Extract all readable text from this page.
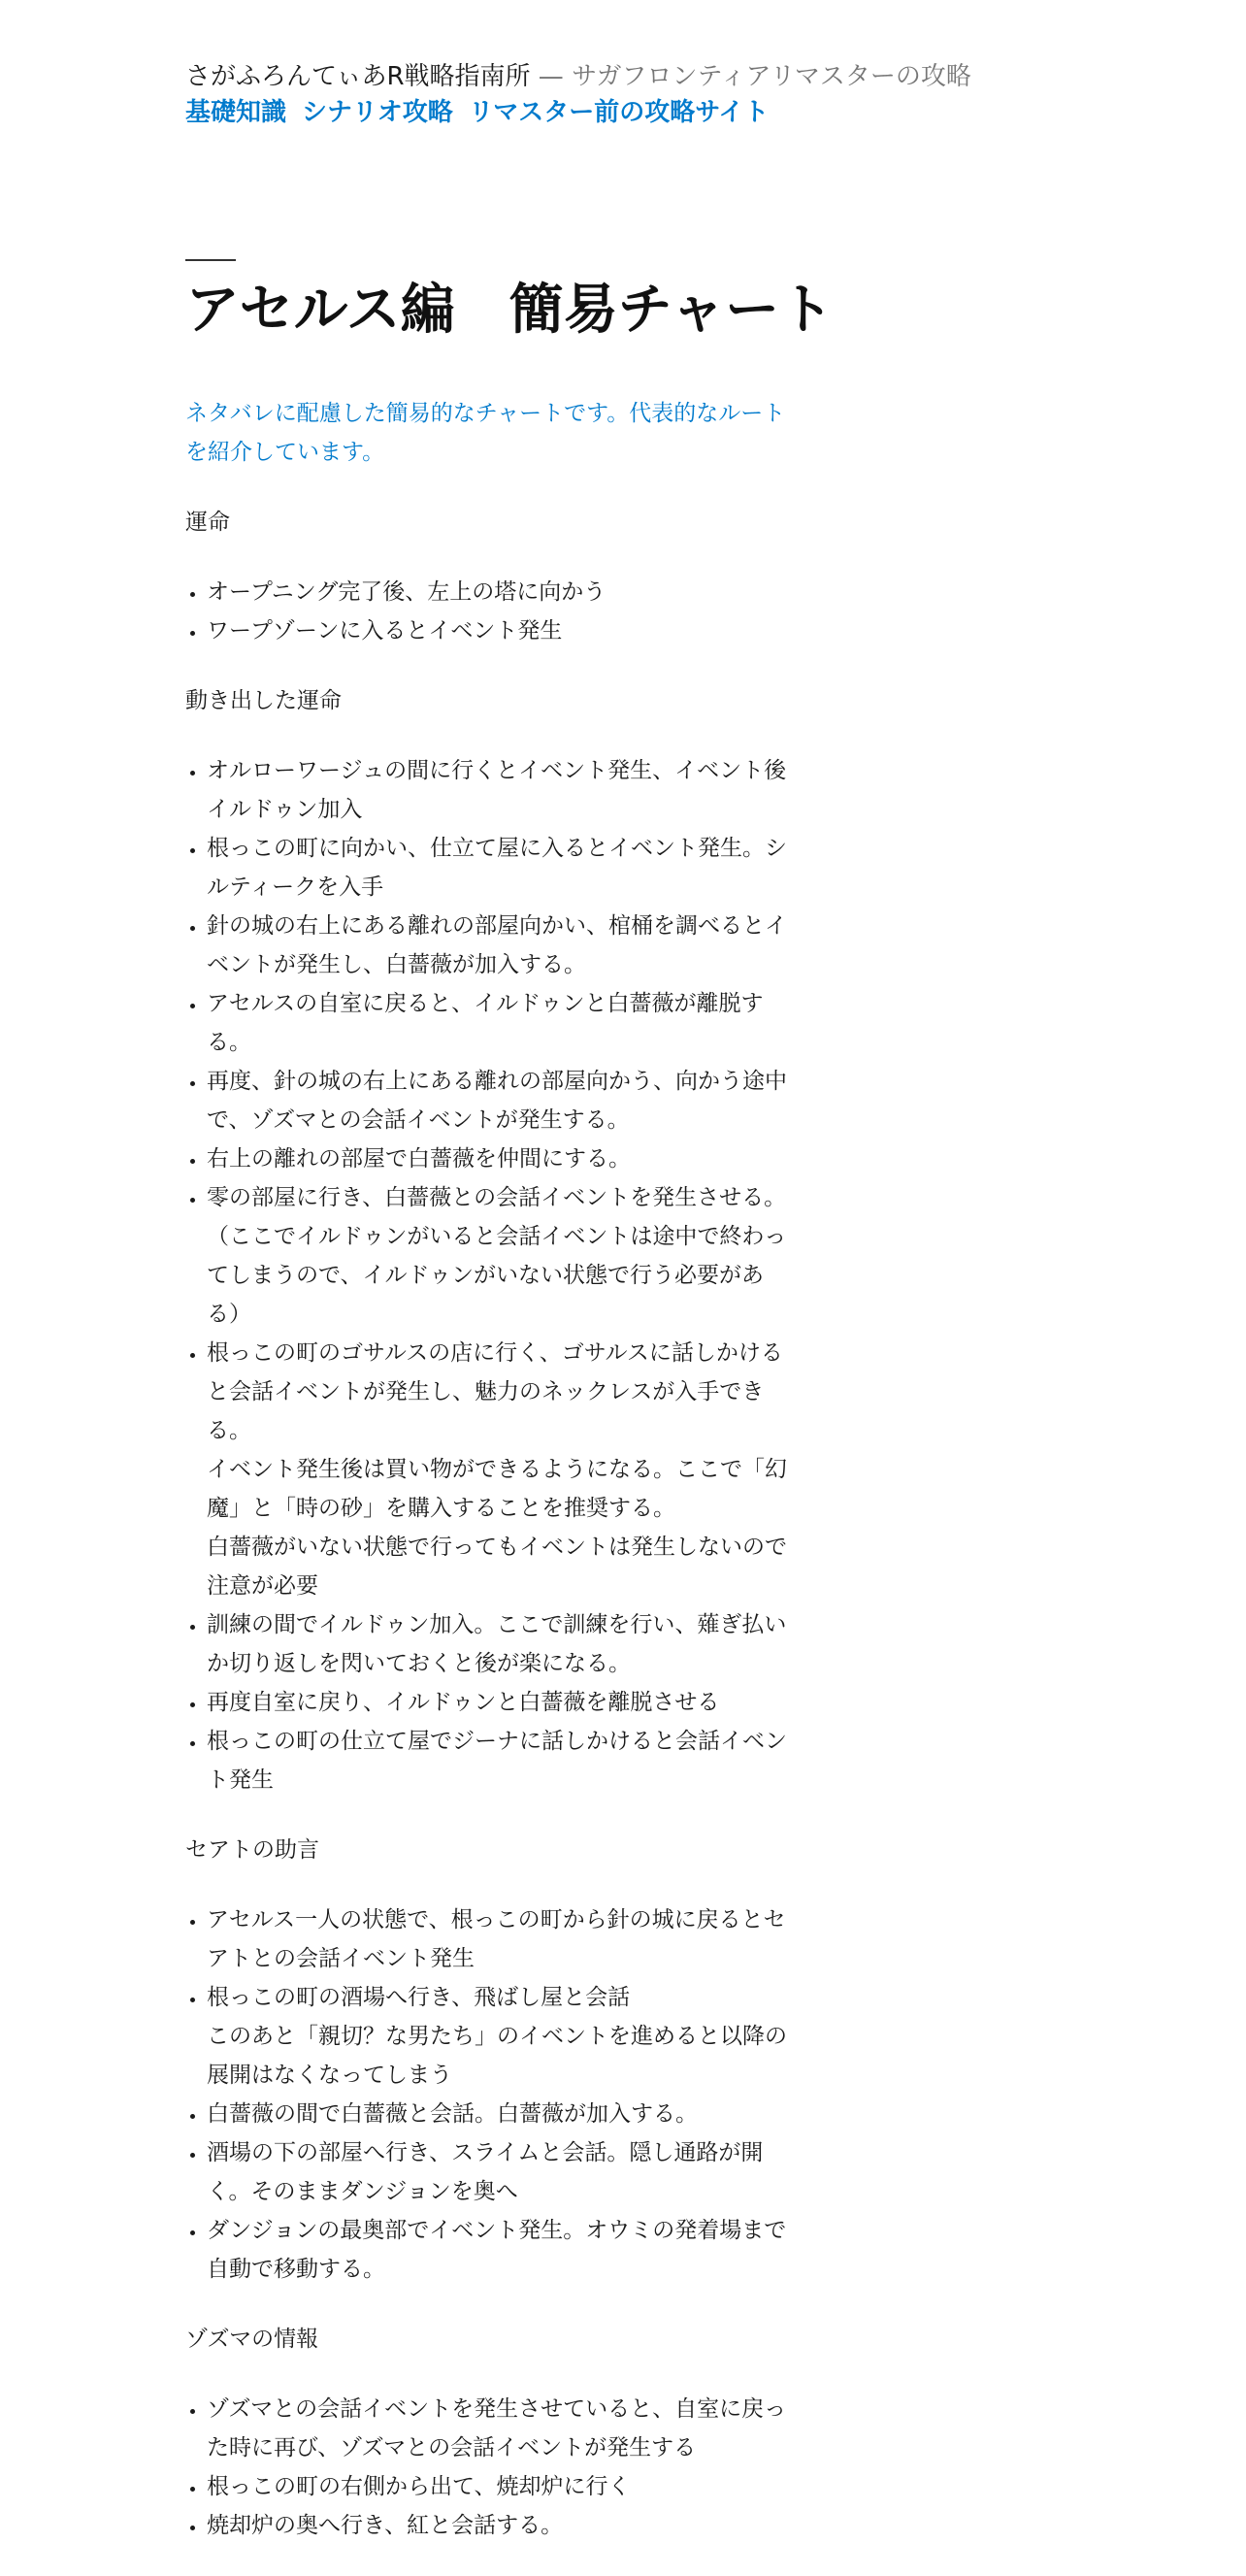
さがふろんてぃあR戦略指南所 — サガフロンティアリマスターの攻略
基礎知識 シナリオ攻略 リマスター前の攻略サイト
アセルス編　簡易チャート

ネタバレに配慮した簡易的なチャートです。代表的なルートを紹介しています。

運命

• オープニング完了後、左上の塔に向かう
• ワープゾーンに入るとイベント発生

動き出した運命

• オルローワージュの間に行くとイベント発生、イベント後イルドゥン加入
• 根っこの町に向かい、仕立て屋に入るとイベント発生。シルティークを入手
• 針の城の右上にある離れの部屋向かい、棺桶を調べるとイベントが発生し、白薔薇が加入する。
• アセルスの自室に戻ると、イルドゥンと白薔薇が離脱する。
• 再度、針の城の右上にある離れの部屋向かう、向かう途中で、ゾズマとの会話イベントが発生する。
• 右上の離れの部屋で白薔薇を仲間にする。
• 零の部屋に行き、白薔薇との会話イベントを発生させる。（ここでイルドゥンがいると会話イベントは途中で終わってしまうので、イルドゥンがいない状態で行う必要がある）
• 根っこの町のゴサルスの店に行く、ゴサルスに話しかけると会話イベントが発生し、魅力のネックレスが入手できる。
イベント発生後は買い物ができるようになる。ここで「幻魔」と「時の砂」を購入することを推奨する。
白薔薇がいない状態で行ってもイベントは発生しないので注意が必要
• 訓練の間でイルドゥン加入。ここで訓練を行い、薙ぎ払いか切り返しを閃いておくと後が楽になる。
• 再度自室に戻り、イルドゥンと白薔薇を離脱させる
• 根っこの町の仕立て屋でジーナに話しかけると会話イベント発生

セアトの助言

• アセルス一人の状態で、根っこの町から針の城に戻るとセアトとの会話イベント発生
• 根っこの町の酒場へ行き、飛ばし屋と会話
このあと「親切？な男たち」のイベントを進めると以降の展開はなくなってしまう
• 白薔薇の間で白薔薇と会話。白薔薇が加入する。
• 酒場の下の部屋へ行き、スライムと会話。隠し通路が開く。そのままダンジョンを奥へ
• ダンジョンの最奥部でイベント発生。オウミの発着場まで自動で移動する。

ゾズマの情報

• ゾズマとの会話イベントを発生させていると、自室に戻った時に再び、ゾズマとの会話イベントが発生する
• 根っこの町の右側から出て、焼却炉に行く
• 焼却炉の奥へ行き、紅と会話する。
